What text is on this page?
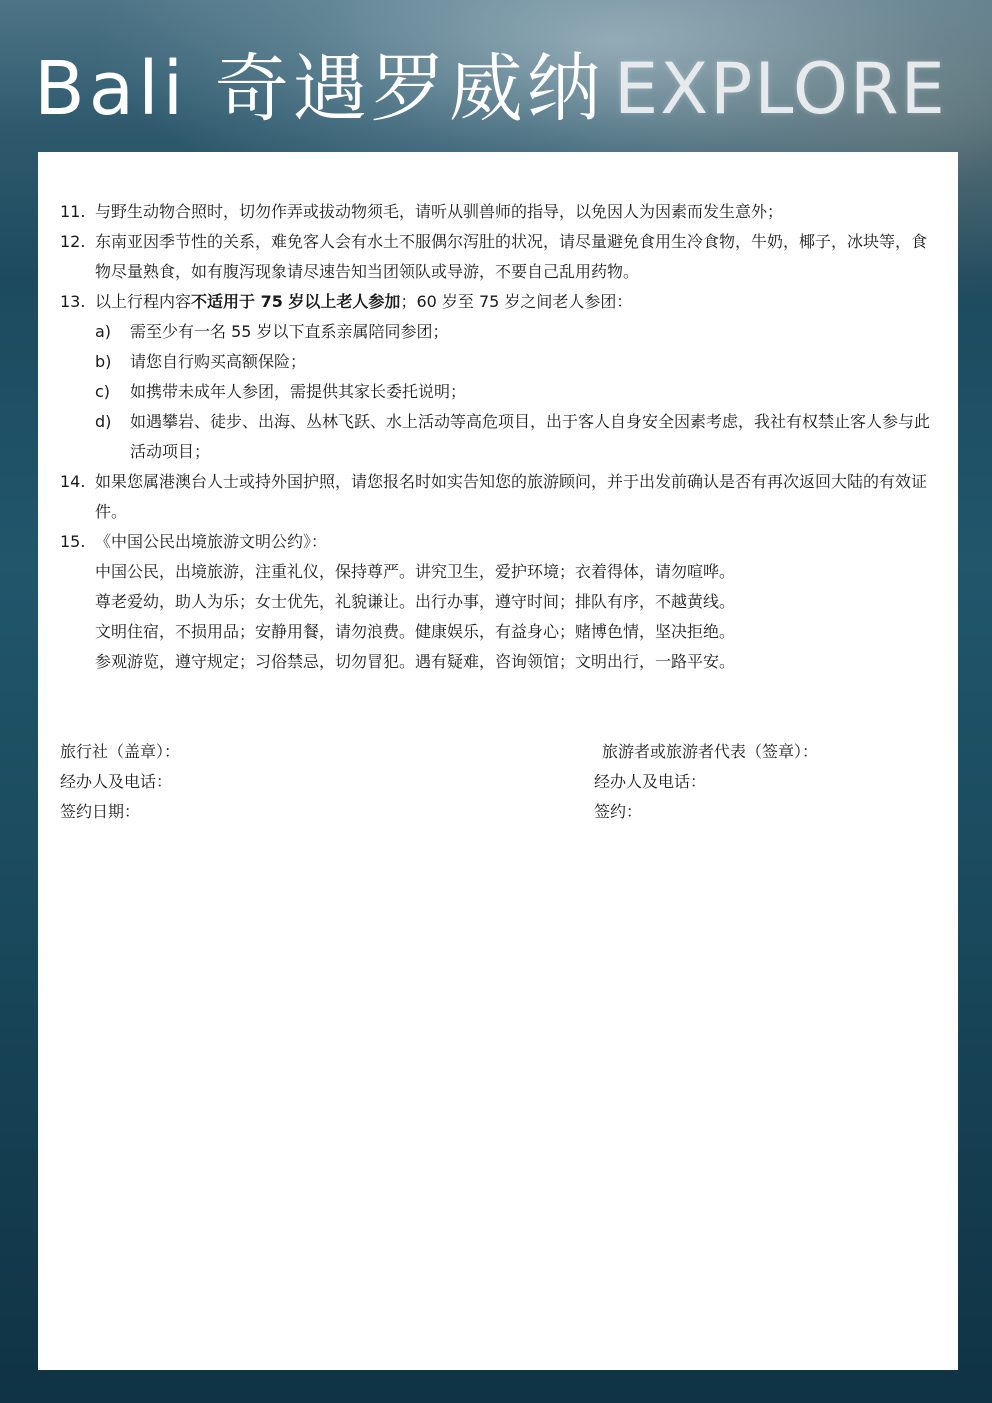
Bali 奇遇罗威纳 EXPLORE
11. 与野生动物合照时，切勿作弄或拔动物须毛，请听从驯兽师的指导，以免因人为因素而发生意外；
12. 东南亚因季节性的关系，难免客人会有水土不服偶尔泻肚的状况，请尽量避免食用生冷食物，牛奶，椰子，冰块等，食物尽量熟食，如有腹泻现象请尽速告知当团领队或导游，不要自己乱用药物。
13. 以上行程内容不适用于 75 岁以上老人参加；60 岁至 75 岁之间老人参团：
a) 需至少有一名 55 岁以下直系亲属陪同参团；
b) 请您自行购买高额保险；
c) 如携带未成年人参团，需提供其家长委托说明；
d) 如遇攀岩、徒步、出海、丛林飞跃、水上活动等高危项目，出于客人自身安全因素考虑，我社有权禁止客人参与此活动项目；
14. 如果您属港澳台人士或持外国护照，请您报名时如实告知您的旅游顾问，并于出发前确认是否有再次返回大陆的有效证件。
15. 《中国公民出境旅游文明公约》：
中国公民，出境旅游，注重礼仪，保持尊严。讲究卫生，爱护环境；衣着得体，请勿喧哗。
尊老爱幼，助人为乐；女士优先，礼貌谦让。出行办事，遵守时间；排队有序，不越黄线。
文明住宿，不损用品；安静用餐，请勿浪费。健康娱乐，有益身心；赌博色情，坚决拒绝。
参观游览，遵守规定；习俗禁忌，切勿冒犯。遇有疑难，咨询领馆；文明出行，一路平安。
旅行社（盖章）：
经办人及电话：
签约日期：
旅游者或旅游者代表（签章）：
经办人及电话：
签约：
